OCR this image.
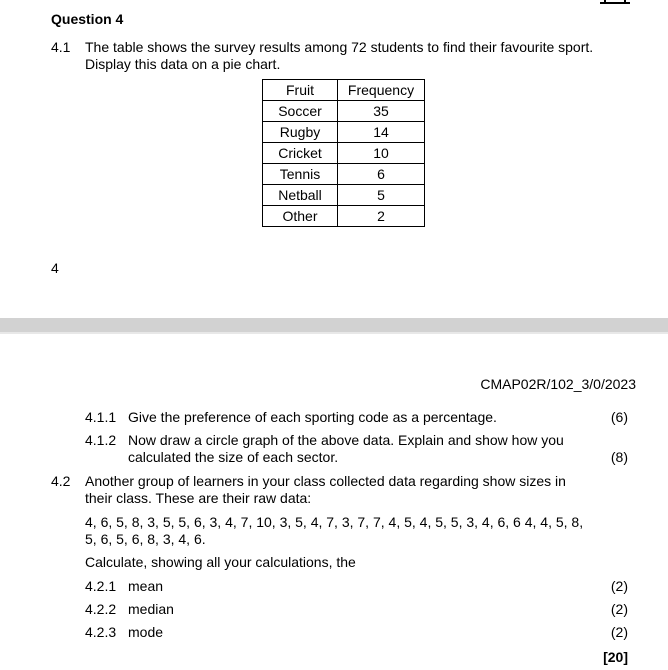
Question 4
4.1 The table shows the survey results among 72 students to find their favourite sport. Display this data on a pie chart.
Fruit	Frequency
Soccer	35
Rugby	14
Cricket	10
Tennis	6
Netball	5
Other	2
4
CMAP02R/102_3/0/2023
4.1.1 Give the preference of each sporting code as a percentage.	(6)
4.1.2 Now draw a circle graph of the above data. Explain and show how you calculated the size of each sector.	(8)
4.2 Another group of learners in your class collected data regarding show sizes in their class. These are their raw data:
4, 6, 5, 8, 3, 5, 5, 6, 3, 4, 7, 10, 3, 5, 4, 7, 3, 7, 7, 4, 5, 4, 5, 5, 3, 4, 6, 6 4, 4, 5, 8, 5, 6, 5, 6, 8, 3, 4, 6.
Calculate, showing all your calculations, the
4.2.1 mean	(2)
4.2.2 median	(2)
4.2.3 mode	(2)
[20]
